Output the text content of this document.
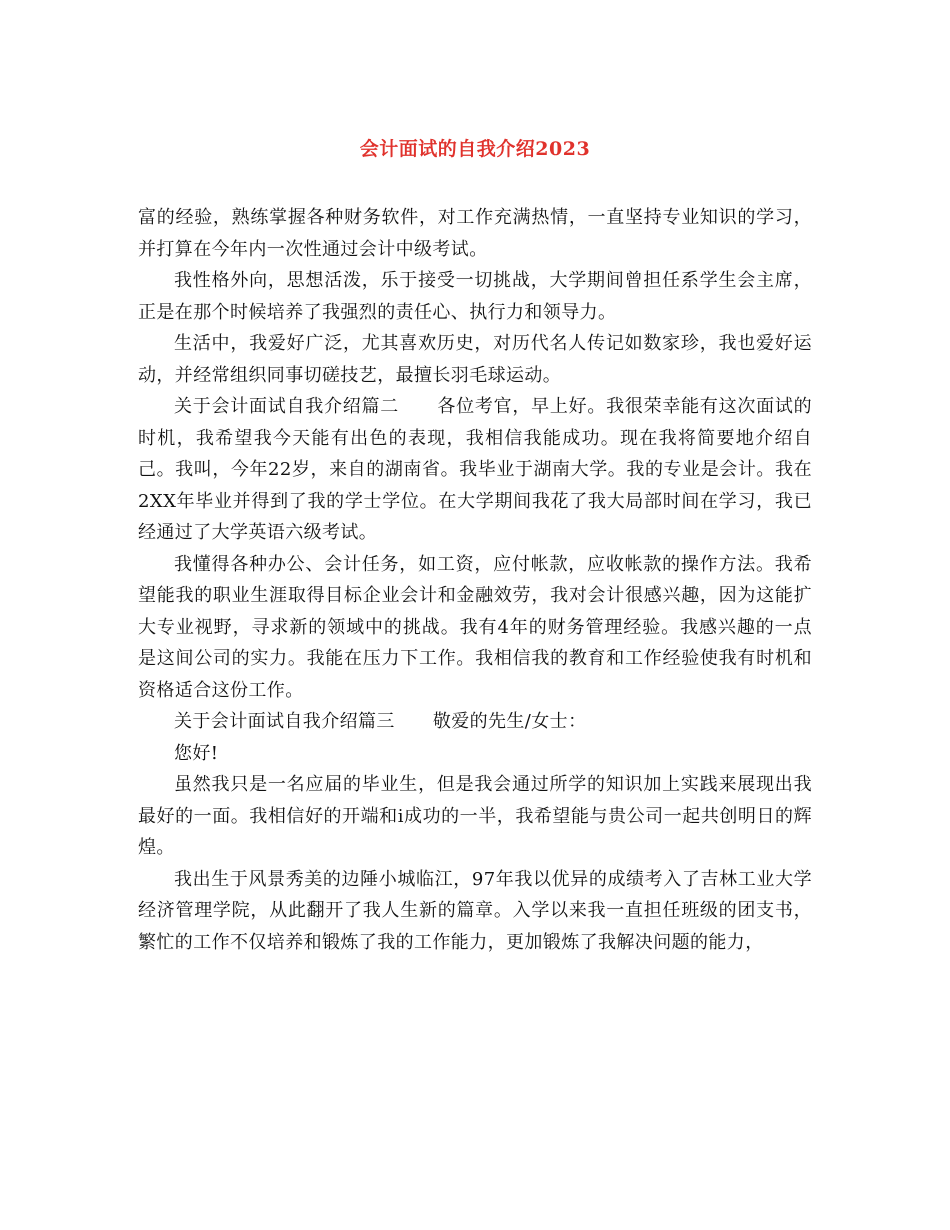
会计面试的自我介绍2023

富的经验，熟练掌握各种财务软件，对工作充满热情，一直坚持专业知识的学习，并打算在今年内一次性通过会计中级考试。

我性格外向，思想活泼，乐于接受一切挑战，大学期间曾担任系学生会主席，正是在那个时候培养了我强烈的责任心、执行力和领导力。

生活中，我爱好广泛，尤其喜欢历史，对历代名人传记如数家珍，我也爱好运动，并经常组织同事切磋技艺，最擅长羽毛球运动。

关于会计面试自我介绍篇二 各位考官，早上好。我很荣幸能有这次面试的时机，我希望我今天能有出色的表现，我相信我能成功。现在我将简要地介绍自己。我叫，今年22岁，来自的湖南省。我毕业于湖南大学。我的专业是会计。我在2XX年毕业并得到了我的学士学位。在大学期间我花了我大局部时间在学习，我已经通过了大学英语六级考试。

我懂得各种办公、会计任务，如工资，应付帐款，应收帐款的操作方法。我希望能我的职业生涯取得目标企业会计和金融效劳，我对会计很感兴趣，因为这能扩大专业视野，寻求新的领域中的挑战。我有4年的财务管理经验。我感兴趣的一点是这间公司的实力。我能在压力下工作。我相信我的教育和工作经验使我有时机和资格适合这份工作。

关于会计面试自我介绍篇三 敬爱的先生/女士：

您好!

虽然我只是一名应届的毕业生，但是我会通过所学的知识加上实践来展现出我最好的一面。我相信好的开端和i成功的一半，我希望能与贵公司一起共创明日的辉煌。

我出生于风景秀美的边陲小城临江，97年我以优异的成绩考入了吉林工业大学经济管理学院，从此翻开了我人生新的篇章。入学以来我一直担任班级的团支书，繁忙的工作不仅培养和锻炼了我的工作能力，更加锻炼了我解决问题的能力，
